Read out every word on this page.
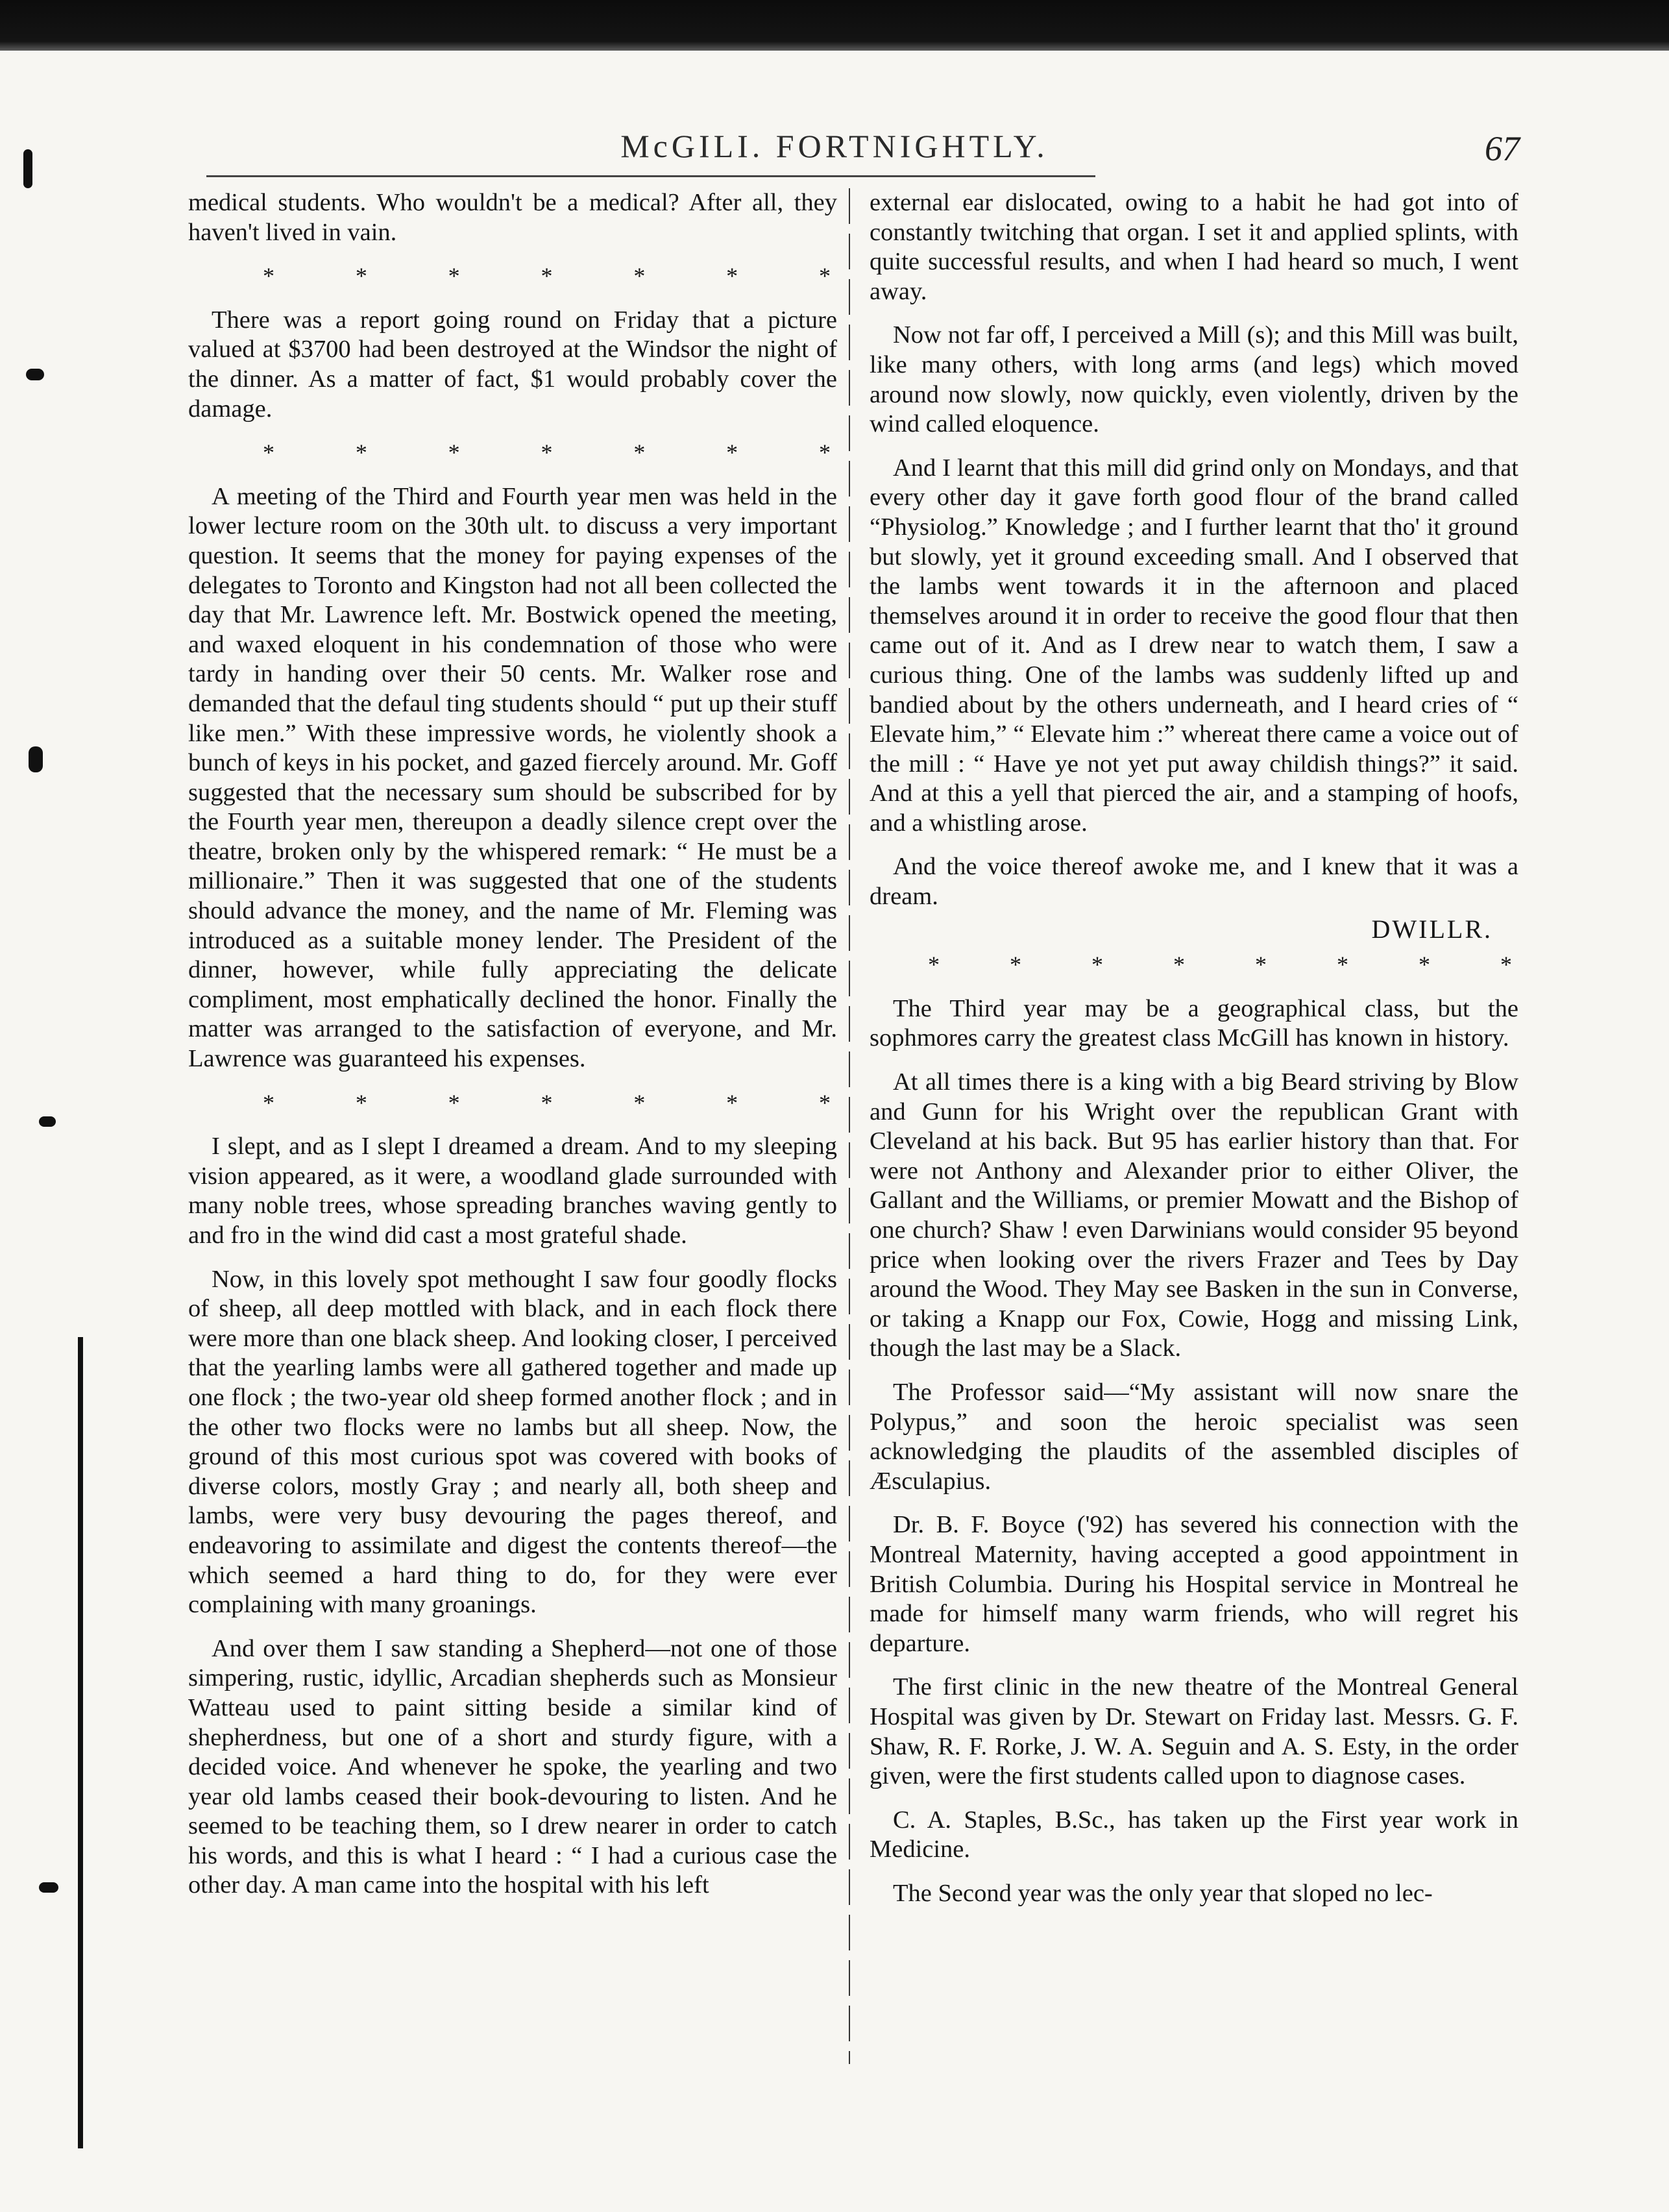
McGILI. FORTNIGHTLY.	67

medical students. Who wouldn't be a medical? After all, they haven't lived in vain.

*	*	*	*	*	*	*

There was a report going round on Friday that a picture valued at $3700 had been destroyed at the Windsor the night of the dinner. As a matter of fact, $1 would probably cover the damage.

*	*	*	*	*	*	*

A meeting of the Third and Fourth year men was held in the lower lecture room on the 30th ult. to discuss a very important question. It seems that the money for paying expenses of the delegates to Toronto and Kingston had not all been collected the day that Mr. Lawrence left. Mr. Bostwick opened the meeting, and waxed eloquent in his condemnation of those who were tardy in handing over their 50 cents. Mr. Walker rose and demanded that the defaul ting students should “ put up their stuff like men.” With these impressive words, he violently shook a bunch of keys in his pocket, and gazed fiercely around. Mr. Goff suggested that the necessary sum should be subscribed for by the Fourth year men, thereupon a deadly silence crept over the theatre, broken only by the whispered remark: “ He must be a millionaire.” Then it was suggested that one of the students should advance the money, and the name of Mr. Fleming was introduced as a suitable money lender. The President of the dinner, however, while fully appreciating the delicate compliment, most emphatically declined the honor. Finally the matter was arranged to the satisfaction of everyone, and Mr. Lawrence was guaranteed his expenses.

*	*	*	*	*	*	*

I slept, and as I slept I dreamed a dream. And to my sleeping vision appeared, as it were, a woodland glade surrounded with many noble trees, whose spreading branches waving gently to and fro in the wind did cast a most grateful shade.

Now, in this lovely spot methought I saw four goodly flocks of sheep, all deep mottled with black, and in each flock there were more than one black sheep. And looking closer, I perceived that the yearling lambs were all gathered together and made up one flock ; the two-year old sheep formed another flock ; and in the other two flocks were no lambs but all sheep. Now, the ground of this most curious spot was covered with books of diverse colors, mostly Gray ; and nearly all, both sheep and lambs, were very busy devouring the pages thereof, and endeavoring to assimilate and digest the contents thereof—the which seemed a hard thing to do, for they were ever complaining with many groanings.

And over them I saw standing a Shepherd—not one of those simpering, rustic, idyllic, Arcadian shepherds such as Monsieur Watteau used to paint sitting beside a similar kind of shepherdness, but one of a short and sturdy figure, with a decided voice. And whenever he spoke, the yearling and two year old lambs ceased their book-devouring to listen. And he seemed to be teaching them, so I drew nearer in order to catch his words, and this is what I heard : “ I had a curious case the other day. A man came into the hospital with his left

external ear dislocated, owing to a habit he had got into of constantly twitching that organ. I set it and applied splints, with quite successful results, and when I had heard so much, I went away.

Now not far off, I perceived a Mill (s); and this Mill was built, like many others, with long arms (and legs) which moved around now slowly, now quickly, even violently, driven by the wind called eloquence.

And I learnt that this mill did grind only on Mondays, and that every other day it gave forth good flour of the brand called “Physiolog.” Knowledge ; and I further learnt that tho' it ground but slowly, yet it ground exceeding small. And I observed that the lambs went towards it in the afternoon and placed themselves around it in order to receive the good flour that then came out of it. And as I drew near to watch them, I saw a curious thing. One of the lambs was suddenly lifted up and bandied about by the others underneath, and I heard cries of “ Elevate him,” “ Elevate him :” whereat there came a voice out of the mill : “ Have ye not yet put away childish things?” it said. And at this a yell that pierced the air, and a stamping of hoofs, and a whistling arose.

And the voice thereof awoke me, and I knew that it was a dream.

DWILLR.
*	*	*	*	*	*	*	*

The Third year may be a geographical class, but the sophmores carry the greatest class McGill has known in history.

At all times there is a king with a big Beard striving by Blow and Gunn for his Wright over the republican Grant with Cleveland at his back. But 95 has earlier history than that. For were not Anthony and Alexander prior to either Oliver, the Gallant and the Williams, or premier Mowatt and the Bishop of one church? Shaw ! even Darwinians would consider 95 beyond price when looking over the rivers Frazer and Tees by Day around the Wood. They May see Basken in the sun in Converse, or taking a Knapp our Fox, Cowie, Hogg and missing Link, though the last may be a Slack.

The Professor said—“My assistant will now snare the Polypus,” and soon the heroic specialist was seen acknowledging the plaudits of the assembled disciples of Æsculapius.

Dr. B. F. Boyce ('92) has severed his connection with the Montreal Maternity, having accepted a good appointment in British Columbia. During his Hospital service in Montreal he made for himself many warm friends, who will regret his departure.

The first clinic in the new theatre of the Montreal General Hospital was given by Dr. Stewart on Friday last. Messrs. G. F. Shaw, R. F. Rorke, J. W. A. Seguin and A. S. Esty, in the order given, were the first students called upon to diagnose cases.

C. A. Staples, B.Sc., has taken up the First year work in Medicine.

The Second year was the only year that sloped no lec-
